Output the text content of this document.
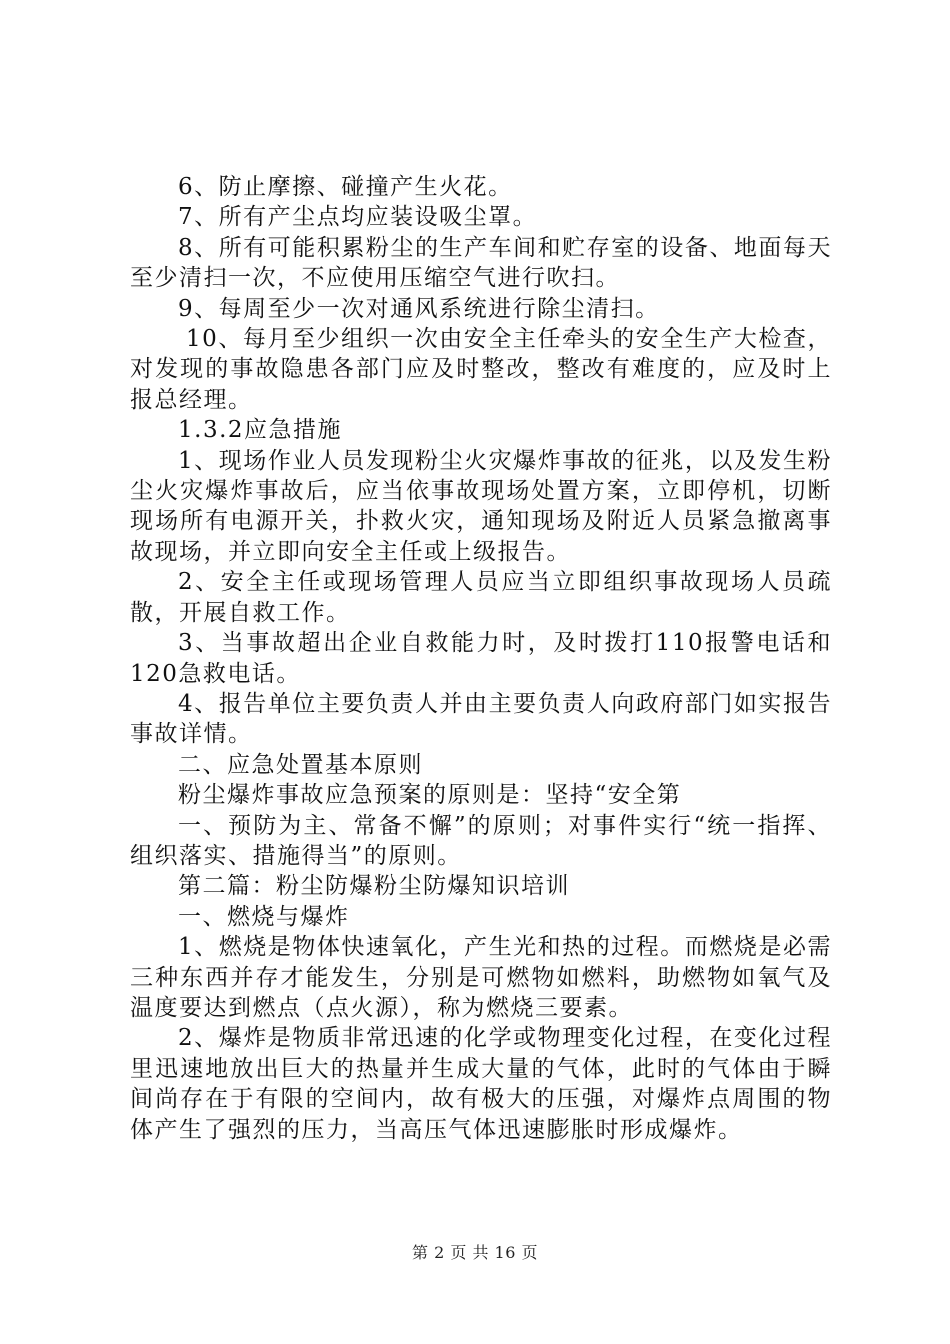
6、防止摩擦、碰撞产生火花。

7、所有产尘点均应装设吸尘罩。

8、所有可能积累粉尘的生产车间和贮存室的设备、地面每天至少清扫一次，不应使用压缩空气进行吹扫。

9、每周至少一次对通风系统进行除尘清扫。

10、每月至少组织一次由安全主任牵头的安全生产大检查，对发现的事故隐患各部门应及时整改，整改有难度的，应及时上报总经理。

1.3.2应急措施

1、现场作业人员发现粉尘火灾爆炸事故的征兆，以及发生粉尘火灾爆炸事故后，应当依事故现场处置方案，立即停机，切断现场所有电源开关，扑救火灾，通知现场及附近人员紧急撤离事故现场，并立即向安全主任或上级报告。

2、安全主任或现场管理人员应当立即组织事故现场人员疏散，开展自救工作。

3、当事故超出企业自救能力时，及时拨打110报警电话和120急救电话。

4、报告单位主要负责人并由主要负责人向政府部门如实报告事故详情。

二、应急处置基本原则

粉尘爆炸事故应急预案的原则是：坚持“安全第

一、预防为主、常备不懈”的原则；对事件实行“统一指挥、组织落实、措施得当”的原则。

第二篇：粉尘防爆粉尘防爆知识培训

一、燃烧与爆炸

1、燃烧是物体快速氧化，产生光和热的过程。而燃烧是必需三种东西并存才能发生，分别是可燃物如燃料，助燃物如氧气及温度要达到燃点（点火源），称为燃烧三要素。

2、爆炸是物质非常迅速的化学或物理变化过程，在变化过程里迅速地放出巨大的热量并生成大量的气体，此时的气体由于瞬间尚存在于有限的空间内，故有极大的压强，对爆炸点周围的物体产生了强烈的压力，当高压气体迅速膨胀时形成爆炸。

第 2 页 共 16 页
